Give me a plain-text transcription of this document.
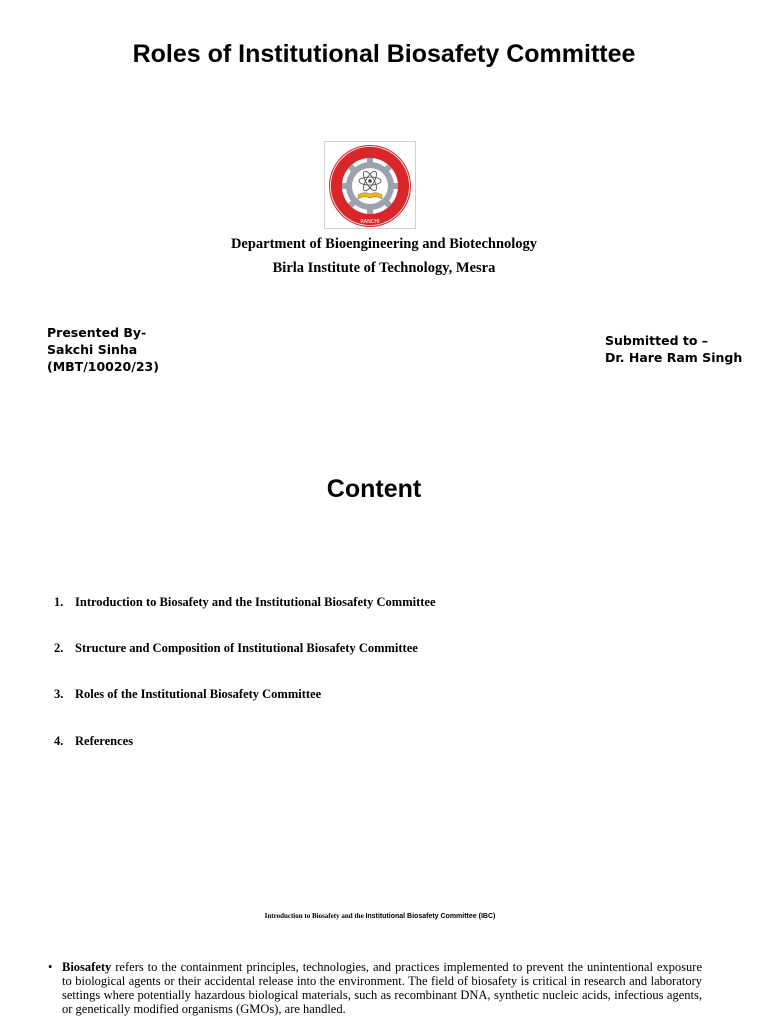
Roles of Institutional Biosafety Committee
RANCHI
Department of Bioengineering and Biotechnology
Birla Institute of Technology, Mesra
Presented By-
Sakchi Sinha
(MBT/10020/23)
Submitted to –
Dr. Hare Ram Singh
Content
1. Introduction to Biosafety and the Institutional Biosafety Committee
2. Structure and Composition of Institutional Biosafety Committee
3. Roles of the Institutional Biosafety Committee
4. References
Introduction to Biosafety and the Institutional Biosafety Committee (IBC)
• Biosafety refers to the containment principles, technologies, and practices implemented to prevent the unintentional exposure to biological agents or their accidental release into the environment. The field of biosafety is critical in research and laboratory settings where potentially hazardous biological materials, such as recombinant DNA, synthetic nucleic acids, infectious agents, or genetically modified organisms (GMOs), are handled.
